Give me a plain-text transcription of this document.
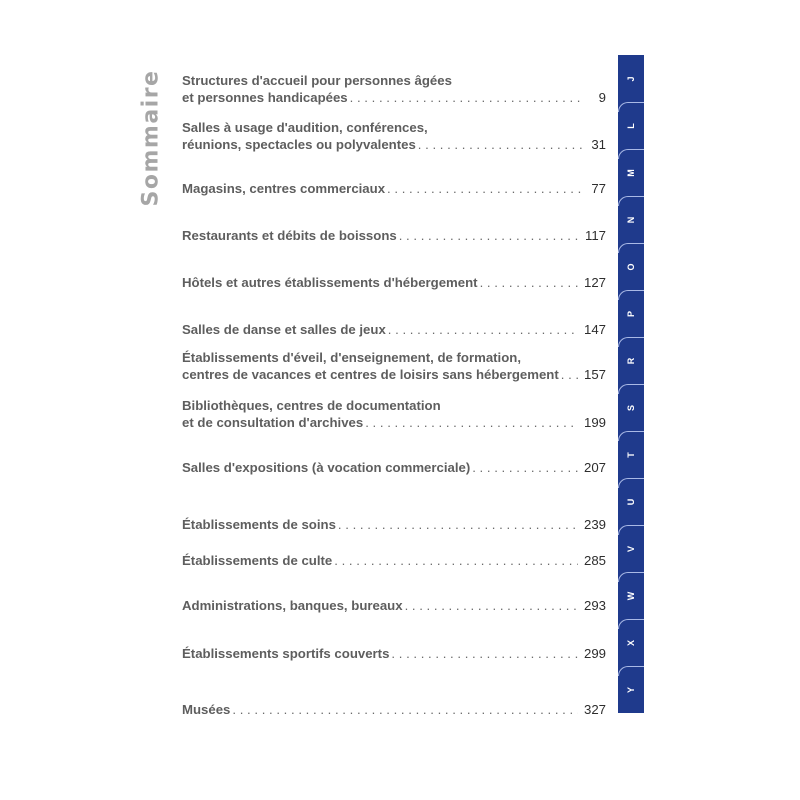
Sommaire Structures d'accueil pour personnes âgées
et personnes handicapées . . .	9
Salles à usage d'audition, conférences,
réunions, spectacles ou polyvalentes . . .	31
Magasins, centres commerciaux . . .	77
Restaurants et débits de boissons . . .	117
Hôtels et autres établissements d'hébergement . . .	127
Salles de danse et salles de jeux . . .	147
Établissements d'éveil, d'enseignement, de formation,
centres de vacances et centres de loisirs sans hébergement . . . 157
Bibliothèques, centres de documentation
et de consultation d'archives . . .	199
Salles d'expositions (à vocation commerciale) . . .	207
Établissements de soins . . .	239
Établissements de culte . . .	285
Administrations, banques, bureaux . . .	293
Établissements sportifs couverts . . .	299
Musées . . .	327
J
L
M
N
O
P
R
S
T
U
V
W
X
Y
